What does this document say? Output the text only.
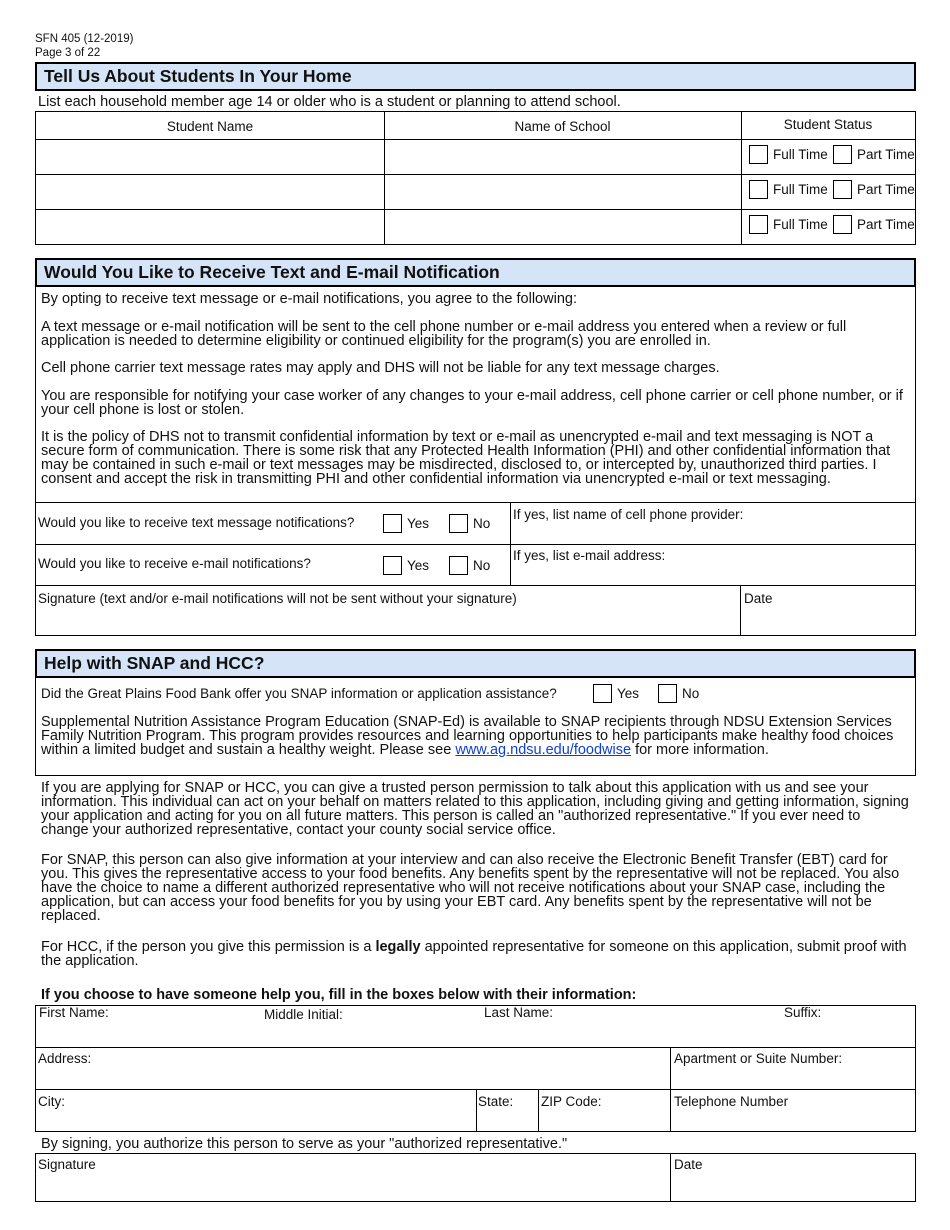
SFN 405 (12-2019)
Page 3 of 22
Tell Us About Students In Your Home
List each household member age 14 or older who is a student or planning to attend school.
Student Name	Name of School	Student Status
Full Time Part Time
Full Time Part Time
Full Time Part Time
Would You Like to Receive Text and E-mail Notification
By opting to receive text message or e-mail notifications, you agree to the following:
A text message or e-mail notification will be sent to the cell phone number or e-mail address you entered when a review or full application is needed to determine eligibility or continued eligibility for the program(s) you are enrolled in.
Cell phone carrier text message rates may apply and DHS will not be liable for any text message charges.
You are responsible for notifying your case worker of any changes to your e-mail address, cell phone carrier or cell phone number, or if your cell phone is lost or stolen.
It is the policy of DHS not to transmit confidential information by text or e-mail as unencrypted e-mail and text messaging is NOT a secure form of communication. There is some risk that any Protected Health Information (PHI) and other confidential information that may be contained in such e-mail or text messages may be misdirected, disclosed to, or intercepted by, unauthorized third parties. I consent and accept the risk in transmitting PHI and other confidential information via unencrypted e-mail or text messaging.
Would you like to receive text message notifications?	Yes	No
If yes, list name of cell phone provider:
Would you like to receive e-mail notifications?	Yes	No
If yes, list e-mail address:
Signature (text and/or e-mail notifications will not be sent without your signature)	Date
Help with SNAP and HCC?
Did the Great Plains Food Bank offer you SNAP information or application assistance?	Yes	No
Supplemental Nutrition Assistance Program Education (SNAP-Ed) is available to SNAP recipients through NDSU Extension Services Family Nutrition Program. This program provides resources and learning opportunities to help participants make healthy food choices within a limited budget and sustain a healthy weight. Please see www.ag.ndsu.edu/foodwise for more information.
If you are applying for SNAP or HCC, you can give a trusted person permission to talk about this application with us and see your information. This individual can act on your behalf on matters related to this application, including giving and getting information, signing your application and acting for you on all future matters. This person is called an "authorized representative." If you ever need to change your authorized representative, contact your county social service office.
For SNAP, this person can also give information at your interview and can also receive the Electronic Benefit Transfer (EBT) card for you. This gives the representative access to your food benefits. Any benefits spent by the representative will not be replaced. You also have the choice to name a different authorized representative who will not receive notifications about your SNAP case, including the application, but can access your food benefits for you by using your EBT card. Any benefits spent by the representative will not be replaced.
For HCC, if the person you give this permission is a legally appointed representative for someone on this application, submit proof with the application.
If you choose to have someone help you, fill in the boxes below with their information:
First Name:	Middle Initial:	Last Name:	Suffix:
Address:	Apartment or Suite Number:
City:	State: ZIP Code:	Telephone Number
By signing, you authorize this person to serve as your "authorized representative."
Signature	Date
